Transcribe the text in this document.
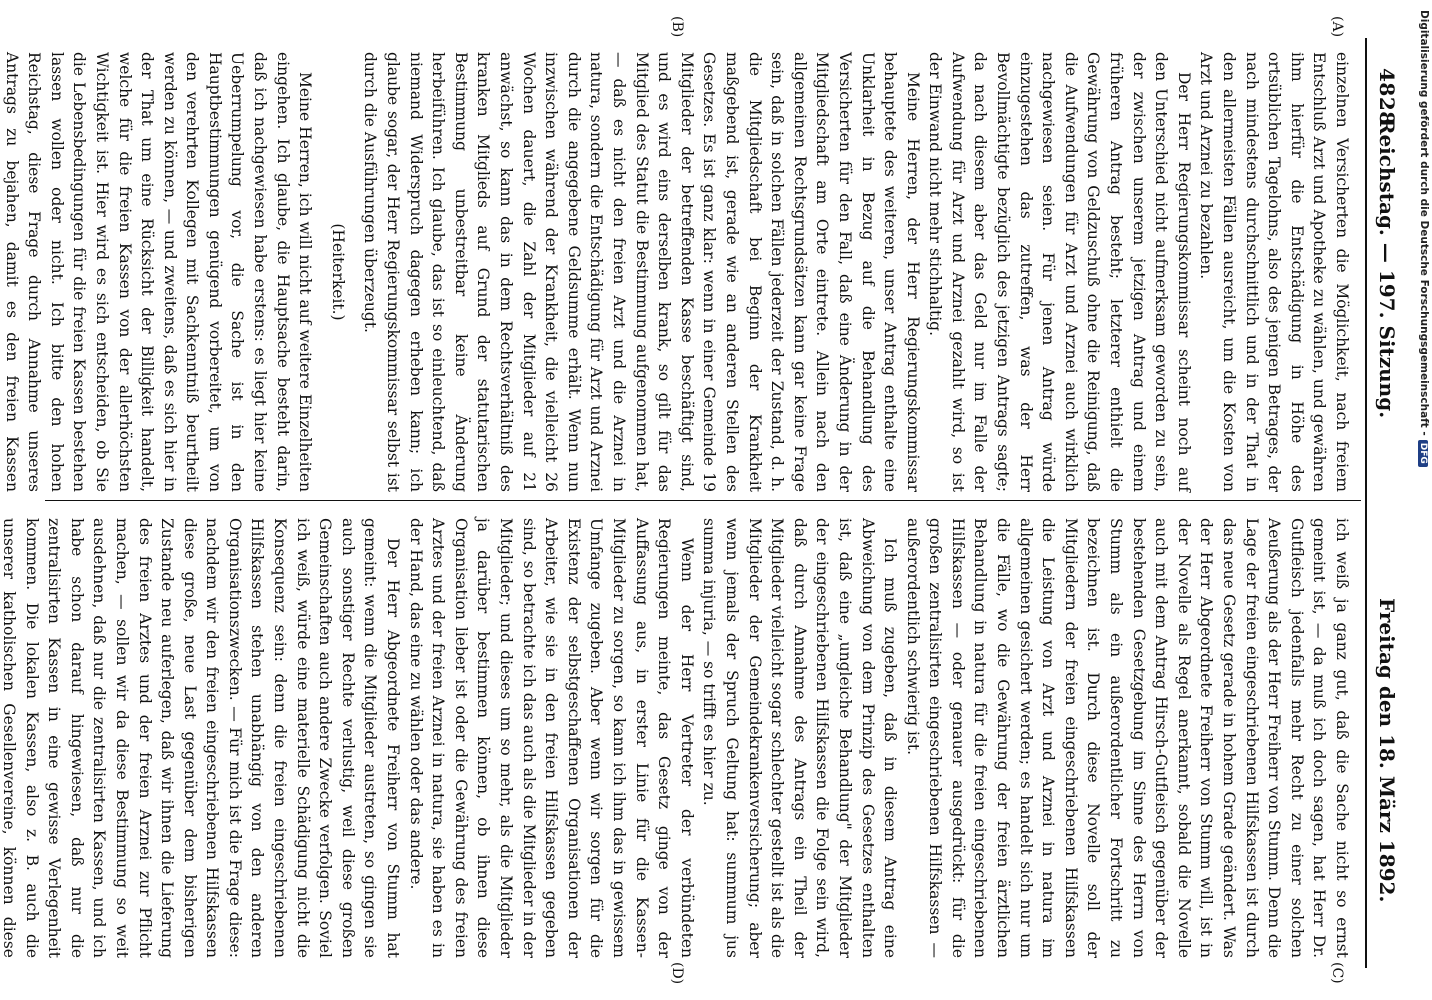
4828
Reichstag. — 197. Sitzung.
Freitag den 18. März 1892.
(A)
(B)
(C)
(D)

einzelnen Versicherten die Möglichkeit, nach freiem Entschluß Arzt und Apotheke zu wählen, und gewähren ihm hierfür die Entschädigung in Höhe des ortsüblichen Tagelohns, also des jenigen Betrages, der nach mindestens durchschnittlich und in der That in den allermeisten Fällen ausreicht, um die Kosten von Arzt und Arznei zu bezahlen.

Der Herr Regierungskommissar scheint noch auf den Unterschied nicht aufmerksam geworden zu sein, der zwischen unserem jetzigen Antrag und einem früheren Antrag besteht; letzterer enthielt die Gewährung von Geldzuschuß ohne die Reinigung, daß die Aufwendungen für Arzt und Arznei auch wirklich nachgewiesen seien. Für jenen Antrag würde einzugestehen das zutreffen, was der Herr Bevollmächtigte bezüglich des jetzigen Antrags sagte; da nach diesem aber das Geld nur im Falle der Aufwendung für Arzt und Arznei gezahlt wird, so ist der Einwand nicht mehr stichhaltig.

Meine Herren, der Herr Regierungskommissar behauptete des weiteren, unser Antrag enthalte eine Unklarheit in Bezug auf die Behandlung des Versicherten für den Fall, daß eine Änderung in der Mitgliedschaft am Orte eintrete. Allein nach den allgemeinen Rechtsgrundsätzen kann gar keine Frage sein, daß in solchen Fällen jederzeit der Zustand, d. h. die Mitgliedschaft bei Beginn der Krankheit maßgebend ist, gerade wie an anderen Stellen des Gesetzes. Es ist ganz klar: wenn in einer Gemeinde 19 Mitglieder der betreffenden Kasse beschäftigt sind, und es wird eins derselben krank, so gilt für das Mitglied des Statut die Bestimmung aufgenommen hat, — daß es nicht den freien Arzt und die Arznei in natura, sondern die Entschädigung für Arzt und Arznei durch die angegebene Geldsumme erhält. Wenn nun inzwischen während der Krankheit, die vielleicht 26 Wochen dauert, die Zahl der Mitglieder auf 21 anwächst, so kann das in dem Rechtsverhältniß des kranken Mitglieds auf Grund der statutarischen Bestimmung unbestreitbar keine Änderung herbeiführen. Ich glaube, das ist so einleuchtend, daß niemand Widerspruch dagegen erheben kann; ich glaube sogar, der Herr Regierungskommissar selbst ist durch die Ausführungen überzeugt.

(Heiterkeit.)

Meine Herren, ich will nicht auf weitere Einzelheiten eingehen. Ich glaube, die Hauptsache besteht darin, daß ich nachgewiesen habe erstens: es liegt hier keine Ueberrumpelung vor, die Sache ist in den Hauptbestimmungen genügend vorbereitet, um von den verehrten Kollegen mit Sachkenntniß beurtheilt werden zu können, — und zweitens, daß es sich hier in der That um eine Rücksicht der Billigkeit handelt, welche für die freien Kassen von der allerhöchsten Wichtigkeit ist. Hier wird es sich entscheiden, ob Sie die Lebensbedingungen für die freien Kassen bestehen lassen wollen oder nicht. Ich bitte den hohen Reichstag, diese Frage durch Annahme unseres Antrags zu bejahen, damit es den freien Kassen

ich weiß ja ganz gut, daß die Sache nicht so ernst gemeint ist, — da muß ich doch sagen, hat Herr Dr. Gutfleisch jedenfalls mehr Recht zu einer solchen Aeußerung als der Herr Freiherr von Stumm. Denn die Lage der freien eingeschriebenen Hilfskassen ist durch das neue Gesetz gerade in hohem Grade geändert. Was der Herr Abgeordnete Freiherr von Stumm will, ist in der Novelle als Regel anerkannt, sobald die Novelle auch mit dem Antrag Hirsch-Gutfleisch gegenüber der bestehenden Gesetzgebung im Sinne des Herrn von Stumm als ein außerordentlicher Fortschritt zu bezeichnen ist. Durch diese Novelle soll der Mitgliedern der freien eingeschriebenen Hilfskassen die Leistung von Arzt und Arznei in natura im allgemeinen gesichert werden; es handelt sich nur um die Fälle, wo die Gewährung der freien ärztlichen Behandlung in natura für die freien eingeschriebenen Hilfskassen — oder genauer ausgedrückt: für die großen zentralisirten eingeschriebenen Hilfskassen — außerordentlich schwierig ist.

Ich muß zugeben, daß in diesem Antrag eine Abweichung von dem Prinzip des Gesetzes enthalten ist, daß eine „ungleiche Behandlung" der Mitglieder der eingeschriebenen Hilfskassen die Folge sein wird, daß durch Annahme des Antrags ein Theil der Mitglieder vielleicht sogar schlechter gestellt ist als die Mitglieder der Gemeindekrankenversicherung; aber wenn jemals der Spruch Geltung hat: summum jus summa injuria, — so trifft es hier zu.

Wenn der Herr Vertreter der verbündeten Regierungen meinte, das Gesetz ginge von der Auffassung aus, in erster Linie für die Kassen-Mitglieder zu sorgen, so kann ich ihm das in gewissem Umfange zugeben. Aber wenn wir sorgen für die Existenz der selbstgeschaffenen Organisationen der Arbeiter, wie sie in den freien Hilfskassen gegeben sind, so betrachte ich das auch als die Mitglieder in der Mitglieder; und dieses um so mehr, als die Mitglieder ja darüber bestimmen können, ob ihnen diese Organisation lieber ist oder die Gewährung des freien Arztes und der freien Arznei in natura, sie haben es in der Hand, das eine zu wählen oder das andere.

Der Herr Abgeordnete Freiherr von Stumm hat gemeint: wenn die Mitglieder austreten, so gingen sie auch sonstiger Rechte verlustig, weil diese großen Gemeinschaften auch andere Zwecke verfolgen. Soviel ich weiß, würde eine materielle Schädigung nicht die Konsequenz sein: denn die freien eingeschriebenen Hilfskassen stehen unabhängig von den anderen Organisationszwecken. — Für mich ist die Frage diese: nachdem wir den freien eingeschriebenen Hilfskassen diese große, neue Last gegenüber dem bisherigen Zustande neu auferlegen, daß wir ihnen die Lieferung des freien Arztes und der freien Arznei zur Pflicht machen, — sollen wir da diese Bestimmung so weit ausdehnen, daß nur die zentralisirten Kassen, und ich habe schon darauf hingewiesen, daß nur die zentralisirten Kassen in eine gewisse Verlegenheit kommen. Die lokalen Kassen, also z. B. auch die unserer katholischen Gesellenvereine, können diese

Digitalisierung gefördert durch die Deutsche Forschungsgemeinschaft -DFG
